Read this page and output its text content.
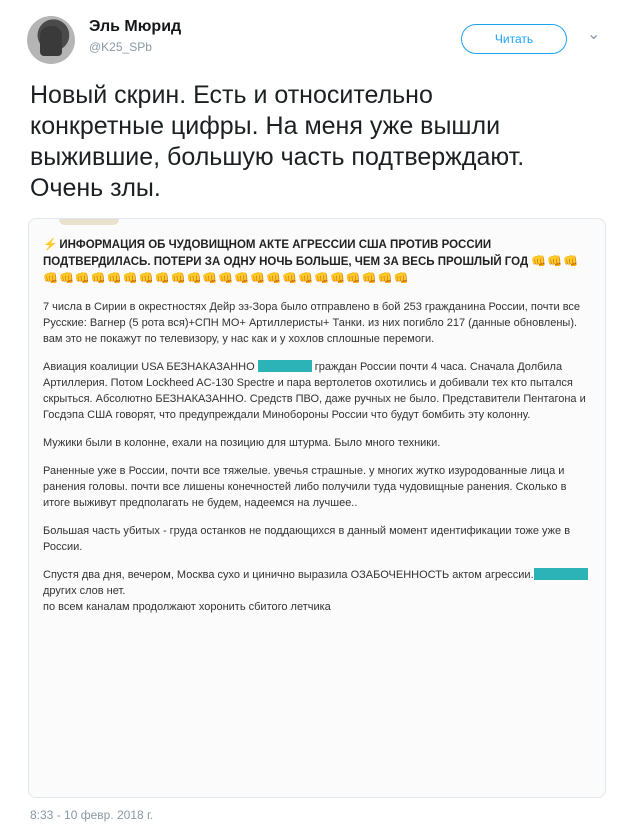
Эль Мюрид
@K25_SPb
Читать	⌄
Новый скрин. Есть и относительно
конкретные цифры. На меня уже вышли
выжившие, большую часть подтверждают.
Очень злы.
⚡ ИНФОРМАЦИЯ ОБ ЧУДОВИЩНОМ АКТЕ АГРЕССИИ США ПРОТИВ РОССИИ ПОДТВЕРДИЛАСЬ. ПОТЕРИ ЗА ОДНУ НОЧЬ БОЛЬШЕ, ЧЕМ ЗА ВЕСЬ ПРОШЛЫЙ ГОД 👊👊👊👊👊👊👊👊👊👊👊👊👊👊👊👊👊👊👊👊👊👊👊👊👊👊
7 числа в Сирии в окрестностях Дейр эз-Зора было отправлено в бой 253 гражданина России, почти все Русские: Вагнер (5 рота вся)+СПН МО+ Артиллеристы+ Танки. из них погибло 217 (данные обновлены). вам это не покажут по телевизору, у нас как и у хохлов сплошные перемоги.
Авиация коалиции USA БЕЗНАКАЗАННО	граждан России почти 4 часа. Сначала Долбила Артиллерия. Потом Lockheed AC-130 Spectre и пара вертолетов охотились и добивали тех кто пытался скрыться. Абсолютно БЕЗНАКАЗАННО. Средств ПВО, даже ручных не было. Представители Пентагона и Госдэпа США говорят, что предупреждали Минобороны России что будут бомбить эту колонну.
Мужики были в колонне, ехали на позицию для штурма. Было много техники.
Раненные уже в России, почти все тяжелые. увечья страшные. у многих жутко изуродованные лица и ранения головы. почти все лишены конечностей либо получили туда чудовищные ранения. Сколько в итоге выживут предполагать не будем, надеемся на лучшее..
Большая часть убитых - груда останков не поддающихся в данный момент идентификации тоже уже в России.
Спустя два дня, вечером, Москва сухо и цинично выразила ОЗАБОЧЕННОСТЬ актом агрессии.других слов нет.
по всем каналам продолжают хоронить сбитого летчика
8:33 - 10 февр. 2018 г.
